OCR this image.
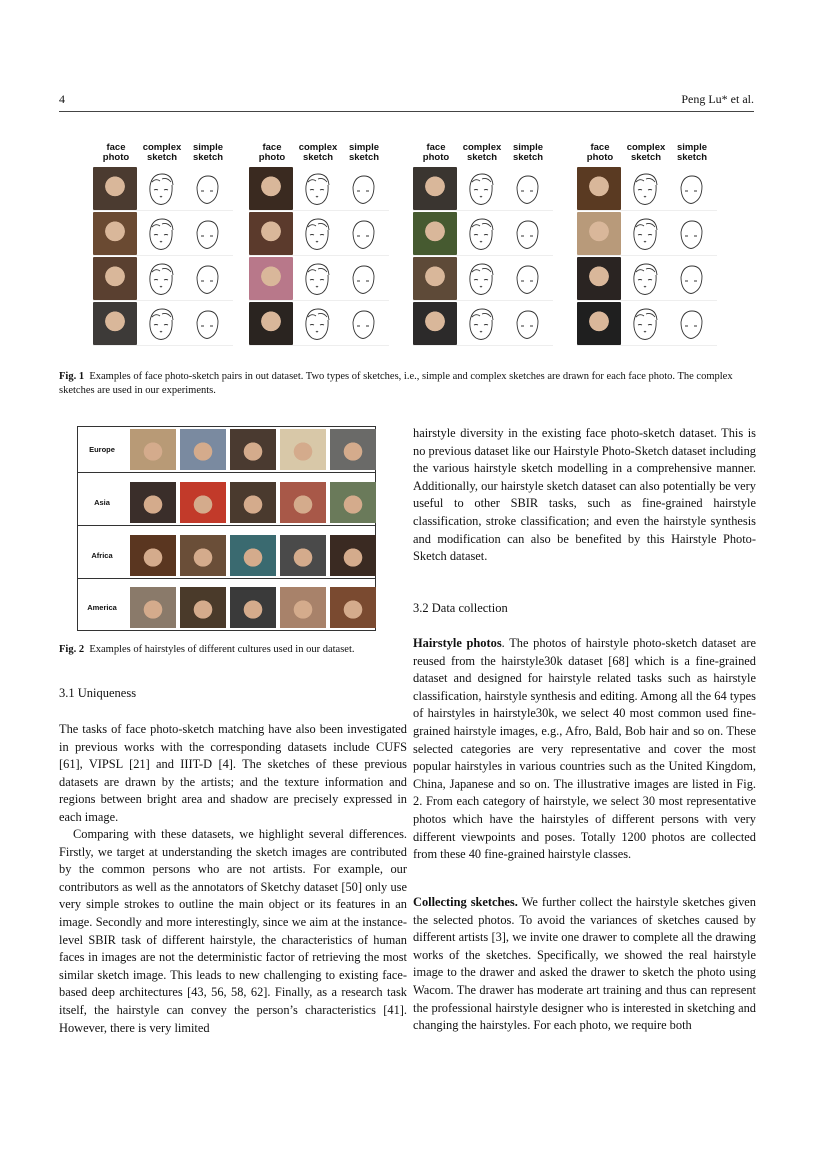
4	Peng Lu* et al.
face photo
complex sketch
simple sketch
face photo
complex sketch
simple sketch
face photo
complex sketch
simple sketch
face photo
complex sketch
simple sketch
Fig. 1 Examples of face photo-sketch pairs in out dataset. Two types of sketches, i.e., simple and complex sketches are drawn for each face photo. The complex sketches are used in our experiments.
Europe
Asia
Africa
America
Fig. 2 Examples of hairstyles of different cultures used in our dataset.
3.1 Uniqueness
The tasks of face photo-sketch matching have also been investigated in previous works with the corresponding datasets include CUFS [61], VIPSL [21] and IIIT-D [4]. The sketches of these previous datasets are drawn by the artists; and the texture information and regions between bright area and shadow are precisely expressed in each image.
Comparing with these datasets, we highlight several differences. Firstly, we target at understanding the sketch images are contributed by the common persons who are not artists. For example, our contributors as well as the annotators of Sketchy dataset [50] only use very simple strokes to outline the main object or its features in an image. Secondly and more interestingly, since we aim at the instance-level SBIR task of different hairstyle, the characteristics of human faces in images are not the deterministic factor of retrieving the most similar sketch image. This leads to new challenging to existing face-based deep architectures [43, 56, 58, 62]. Finally, as a research task itself, the hairstyle can convey the person’s characteristics [41]. However, there is very limited
hairstyle diversity in the existing face photo-sketch dataset. This is no previous dataset like our Hairstyle Photo-Sketch dataset including the various hairstyle sketch modelling in a comprehensive manner. Additionally, our hairstyle sketch dataset can also potentially be very useful to other SBIR tasks, such as fine-grained hairstyle classification, stroke classification; and even the hairstyle synthesis and modification can also be benefited by this Hairstyle Photo-Sketch dataset.
3.2 Data collection
Hairstyle photos. The photos of hairstyle photo-sketch dataset are reused from the hairstyle30k dataset [68] which is a fine-grained dataset and designed for hairstyle related tasks such as hairstyle classification, hairstyle synthesis and editing. Among all the 64 types of hairstyles in hairstyle30k, we select 40 most common used fine-grained hairstyle images, e.g., Afro, Bald, Bob hair and so on. These selected categories are very representative and cover the most popular hairstyles in various countries such as the United Kingdom, China, Japanese and so on. The illustrative images are listed in Fig. 2. From each category of hairstyle, we select 30 most representative photos which have the hairstyles of different persons with very different viewpoints and poses. Totally 1200 photos are collected from these 40 fine-grained hairstyle classes.
Collecting sketches. We further collect the hairstyle sketches given the selected photos. To avoid the variances of sketches caused by different artists [3], we invite one drawer to complete all the drawing works of the sketches. Specifically, we showed the real hairstyle image to the drawer and asked the drawer to sketch the photo using Wacom. The drawer has moderate art training and thus can represent the professional hairstyle designer who is interested in sketching and changing the hairstyles. For each photo, we require both
